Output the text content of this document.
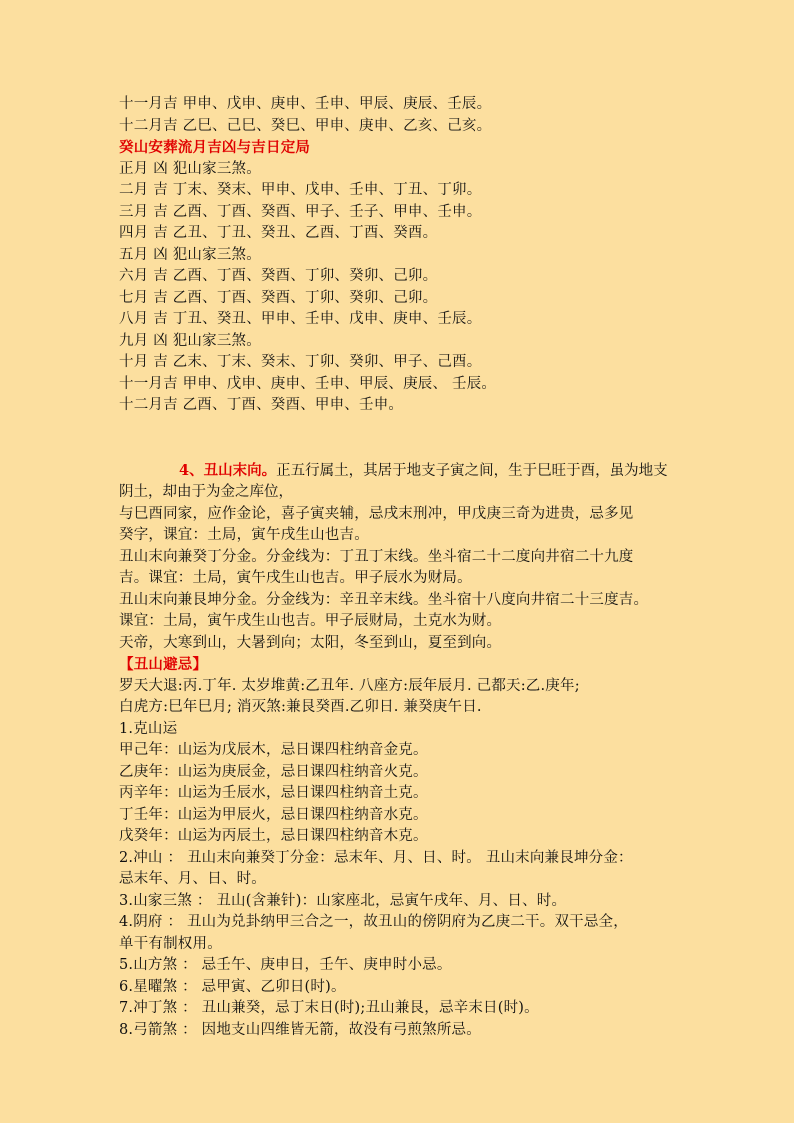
十一月吉 甲申、戊申、庚申、壬申、甲辰、庚辰、壬辰。
十二月吉 乙巳、己巳、癸巳、甲申、庚申、乙亥、己亥。
癸山安葬流月吉凶与吉日定局
正月 凶 犯山家三煞。
二月 吉 丁末、癸末、甲申、戊申、壬申、丁丑、丁卯。
三月 吉 乙酉、丁酉、癸酉、甲子、壬子、甲申、壬申。
四月 吉 乙丑、丁丑、癸丑、乙酉、丁酉、癸酉。
五月 凶 犯山家三煞。
六月 吉 乙酉、丁酉、癸酉、丁卯、癸卯、己卯。
七月 吉 乙酉、丁酉、癸酉、丁卯、癸卯、己卯。
八月 吉 丁丑、癸丑、甲申、壬申、戊申、庚申、壬辰。
九月 凶 犯山家三煞。
十月 吉 乙末、丁末、癸末、丁卯、癸卯、甲子、己酉。
十一月吉 甲申、戊申、庚申、壬申、甲辰、庚辰、 壬辰。
十二月吉 乙酉、丁酉、癸酉、甲申、壬申。
4、丑山末向。正五行属土，其居于地支子寅之间，生于巳旺于酉，虽为地支阴土，却由于为金之库位，
与巳酉同家，应作金论，喜子寅夹辅，忌戌末刑冲，甲戊庚三奇为进贵，忌多见
癸字，课宜：土局，寅午戌生山也吉。
丑山末向兼癸丁分金。分金线为：丁丑丁末线。坐斗宿二十二度向井宿二十九度
吉。课宜：土局，寅午戌生山也吉。甲子辰水为财局。
丑山末向兼艮坤分金。分金线为：辛丑辛末线。坐斗宿十八度向井宿二十三度吉。
课宜：土局，寅午戌生山也吉。甲子辰财局，土克水为财。
天帝，大寒到山，大暑到向；太阳，冬至到山，夏至到向。
【丑山避忌】
罗天大退:丙.丁年. 太岁堆黄:乙丑年. 八座方:辰年辰月. 己都天:乙.庚年;
白虎方:巳年巳月; 消灭煞:兼艮癸酉.乙卯日. 兼癸庚午日.
1.克山运
甲己年：山运为戊辰木，忌日课四柱纳音金克。
乙庚年：山运为庚辰金，忌日课四柱纳音火克。
丙辛年：山运为壬辰水，忌日课四柱纳音土克。
丁壬年：山运为甲辰火，忌日课四柱纳音水克。
戊癸年：山运为丙辰土，忌日课四柱纳音木克。
2.冲山 ： 丑山末向兼癸丁分金：忌末年、月、日、时。 丑山末向兼艮坤分金：
忌末年、月、日、时。
3.山家三煞 ： 丑山(含兼针)：山家座北，忌寅午戌年、月、日、时。
4.阴府 ： 丑山为兑卦纳甲三合之一，故丑山的傍阴府为乙庚二干。双干忌全，
单干有制权用。
5.山方煞 ： 忌壬午、庚申日，壬午、庚申时小忌。
6.星曜煞 ： 忌甲寅、乙卯日(时)。
7.冲丁煞 ： 丑山兼癸，忌丁末日(时);丑山兼艮，忌辛末日(时)。
8.弓箭煞 ： 因地支山四维皆无箭，故没有弓煎煞所忌。
